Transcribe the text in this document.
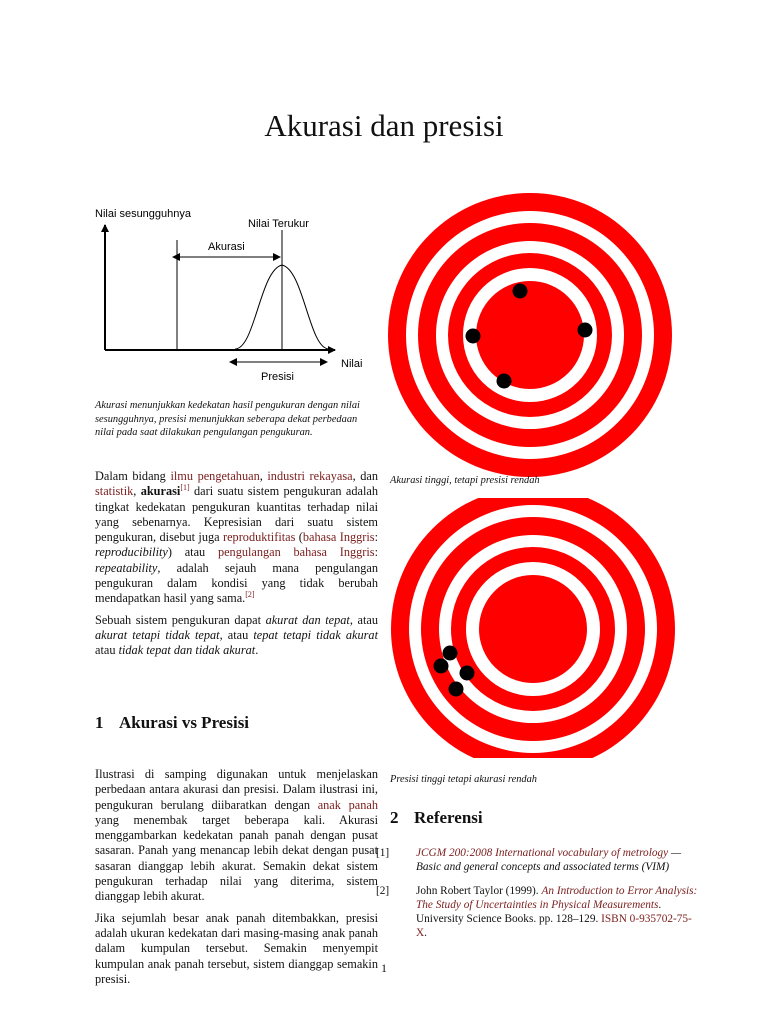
Akurasi dan presisi
Nilai sesungguhnya
Nilai Terukur
Akurasi
Presisi
Nilai
Akurasi menunjukkan kedekatan hasil pengukuran dengan nilai sesungguhnya, presisi menunjukkan seberapa dekat perbedaan nilai pada saat dilakukan pengulangan pengukuran.
Akurasi tinggi, tetapi presisi rendah
Presisi tinggi tetapi akurasi rendah

Dalam bidang ilmu pengetahuan, industri rekayasa, dan statistik, akurasi[1] dari suatu sistem pengukuran adalah tingkat kedekatan pengukuran kuantitas terhadap nilai yang sebenarnya. Kepresisian dari suatu sistem pengukuran, disebut juga reproduktifitas (bahasa Inggris: reproducibility) atau pengulangan bahasa Inggris: repeatability, adalah sejauh mana pengulangan pengukuran dalam kondisi yang tidak berubah mendapatkan hasil yang sama.[2]

Sebuah sistem pengukuran dapat akurat dan tepat, atau akurat tetapi tidak tepat, atau tepat tetapi tidak akurat atau tidak tepat dan tidak akurat.

1 Akurasi vs Presisi

Ilustrasi di samping digunakan untuk menjelaskan perbedaan antara akurasi dan presisi. Dalam ilustrasi ini, pengukuran berulang diibaratkan dengan anak panah yang menembak target beberapa kali. Akurasi menggambarkan kedekatan panah panah dengan pusat sasaran. Panah yang menancap lebih dekat dengan pusat sasaran dianggap lebih akurat. Semakin dekat sistem pengukuran terhadap nilai yang diterima, sistem dianggap lebih akurat.

Jika sejumlah besar anak panah ditembakkan, presisi adalah ukuran kedekatan dari masing-masing anak panah dalam kumpulan tersebut. Semakin menyempit kumpulan anak panah tersebut, sistem dianggap semakin presisi.

2 Referensi
[1] JCGM 200:2008 International vocabulary of metrology — Basic and general concepts and associated terms (VIM)
[2] John Robert Taylor (1999). An Introduction to Error Analysis: The Study of Uncertainties in Physical Measurements. University Science Books. pp. 128–129. ISBN 0-935702-75-X.
1
